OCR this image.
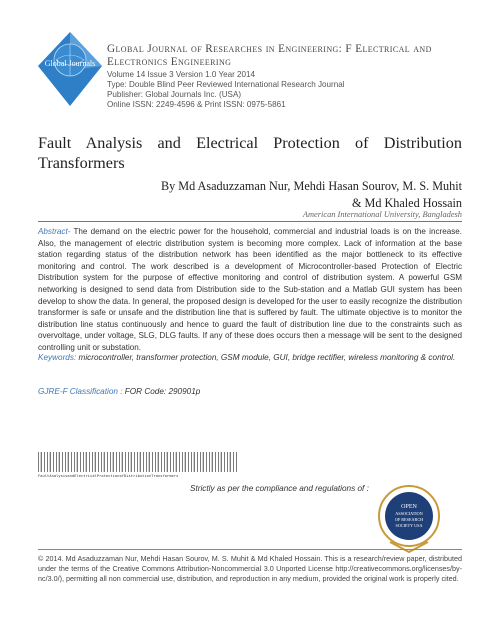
Global Journals
Global Journal of Researches in Engineering: F Electrical and Electronics Engineering
Volume 14 Issue 3 Version 1.0 Year 2014
Type: Double Blind Peer Reviewed International Research Journal
Publisher: Global Journals Inc. (USA)
Online ISSN: 2249-4596 & Print ISSN: 0975-5861
Fault Analysis and Electrical Protection of Distribution Transformers
By Md Asaduzzaman Nur, Mehdi Hasan Sourov, M. S. Muhit
& Md Khaled Hossain
American International University, Bangladesh
Abstract- The demand on the electric power for the household, commercial and industrial loads is on the increase. Also, the management of electric distribution system is becoming more complex. Lack of information at the base station regarding status of the distribution network has been identified as the major bottleneck to its effective monitoring and control. The work described is a development of Microcontroller-based Protection of Electric Distribution system for the purpose of effective monitoring and control of distribution system. A powerful GSM networking is designed to send data from Distribution side to the Sub-station and a Matlab GUI system has been develop to show the data. In general, the proposed design is developed for the user to easily recognize the distribution transformer is safe or unsafe and the distribution line that is suffered by fault. The ultimate objective is to monitor the distribution line status continuously and hence to guard the fault of distribution line due to the constraints such as overvoltage, under voltage, SLG, DLG faults. If any of these does occurs then a message will be sent to the designed controlling unit or substation.
Keywords: microcontroller, transformer protection, GSM module, GUI, bridge rectifier, wireless monitoring & control.
GJRE-F Classification : FOR Code: 290901p
FaultAnalysisandElectricalProtectionofDistributionTransformers
Strictly as per the compliance and regulations of :
OPEN
ASSOCIATION
OF RESEARCH
SOCIETY USA
© 2014. Md Asaduzzaman Nur, Mehdi Hasan Sourov, M. S. Muhit & Md Khaled Hossain. This is a research/review paper, distributed under the terms of the Creative Commons Attribution-Noncommercial 3.0 Unported License http://creativecommons.org/licenses/by-nc/3.0/), permitting all non commercial use, distribution, and reproduction in any medium, provided the original work is properly cited.
